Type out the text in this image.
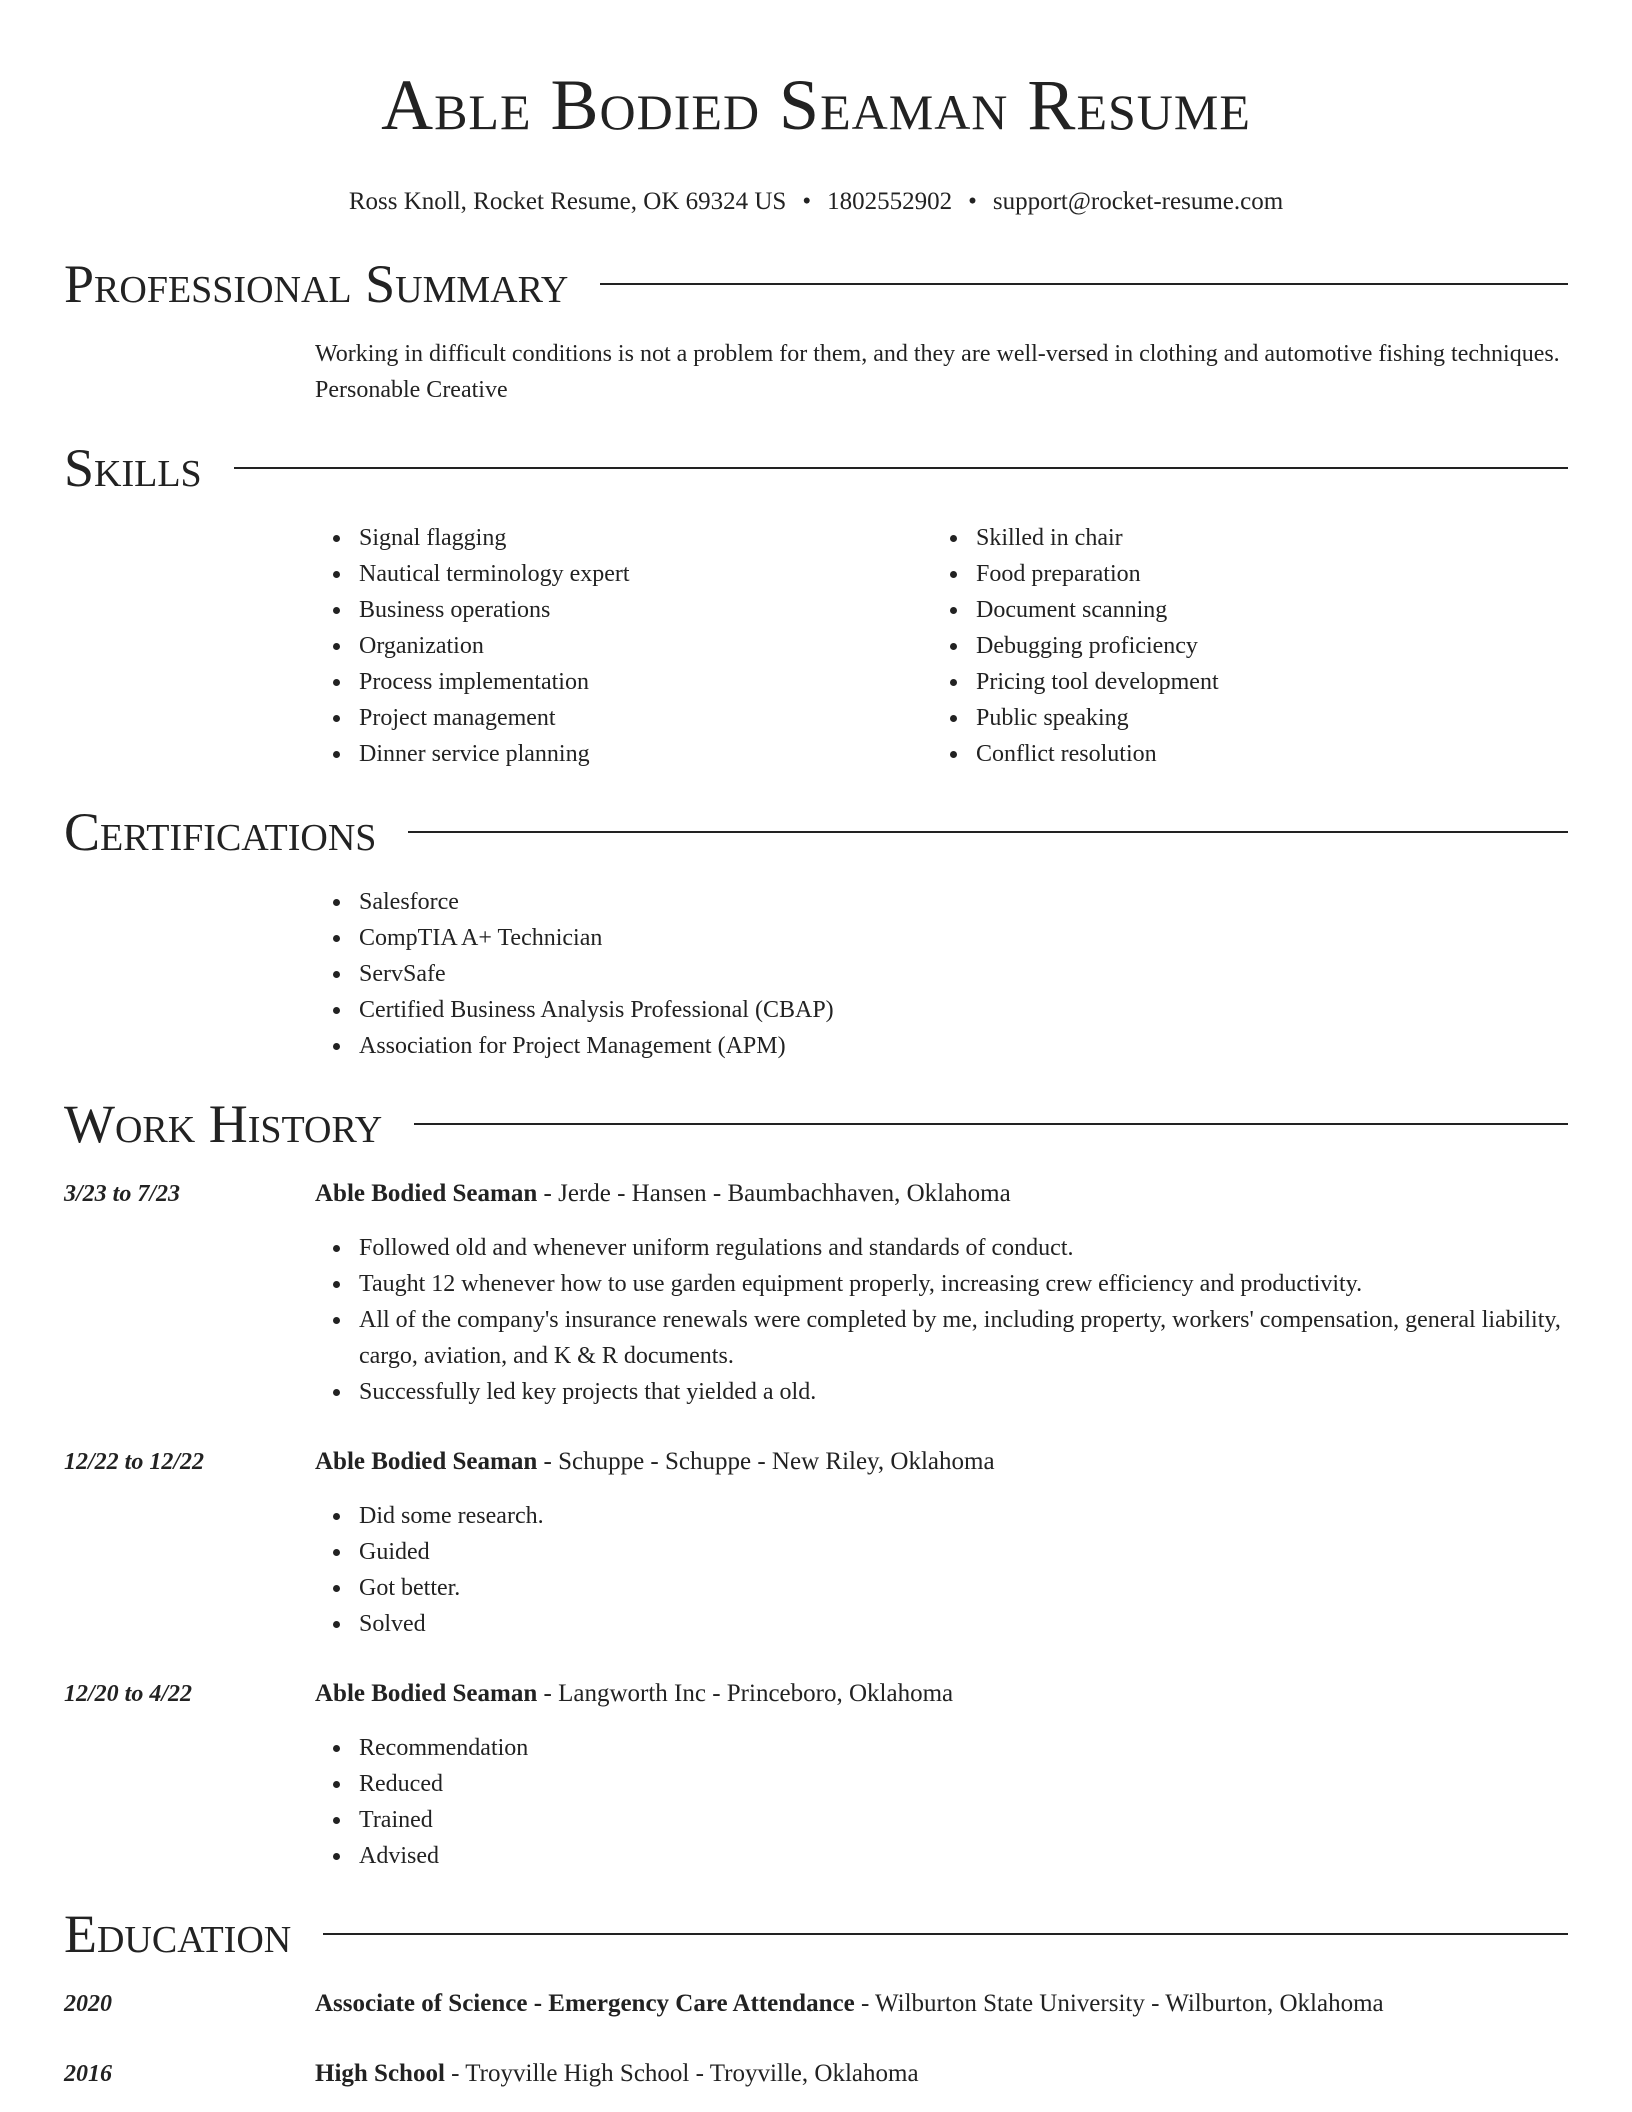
Able Bodied Seaman Resume
Ross Knoll, Rocket Resume, OK 69324 US • 1802552902 • support@rocket-resume.com
Professional Summary

Working in difficult conditions is not a problem for them, and they are well-versed in clothing and automotive fishing techniques. Personable Creative

Skills
Signal flagging
Nautical terminology expert
Business operations
Organization
Process implementation
Project management
Dinner service planning
Skilled in chair
Food preparation
Document scanning
Debugging proficiency
Pricing tool development
Public speaking
Conflict resolution
Certifications
Salesforce
CompTIA A+ Technician
ServSafe
Certified Business Analysis Professional (CBAP)
Association for Project Management (APM)
Work History
3/23 to 7/23	Able Bodied Seaman - Jerde - Hansen - Baumbachhaven, Oklahoma
Followed old and whenever uniform regulations and standards of conduct.
Taught 12 whenever how to use garden equipment properly, increasing crew efficiency and productivity.
All of the company's insurance renewals were completed by me, including property, workers' compensation, general liability, cargo, aviation, and K & R documents.
Successfully led key projects that yielded a old.
12/22 to 12/22	Able Bodied Seaman - Schuppe - Schuppe - New Riley, Oklahoma
Did some research.
Guided
Got better.
Solved
12/20 to 4/22	Able Bodied Seaman - Langworth Inc - Princeboro, Oklahoma
Recommendation
Reduced
Trained
Advised
Education
2020	Associate of Science - Emergency Care Attendance - Wilburton State University - Wilburton, Oklahoma
2016	High School - Troyville High School - Troyville, Oklahoma
